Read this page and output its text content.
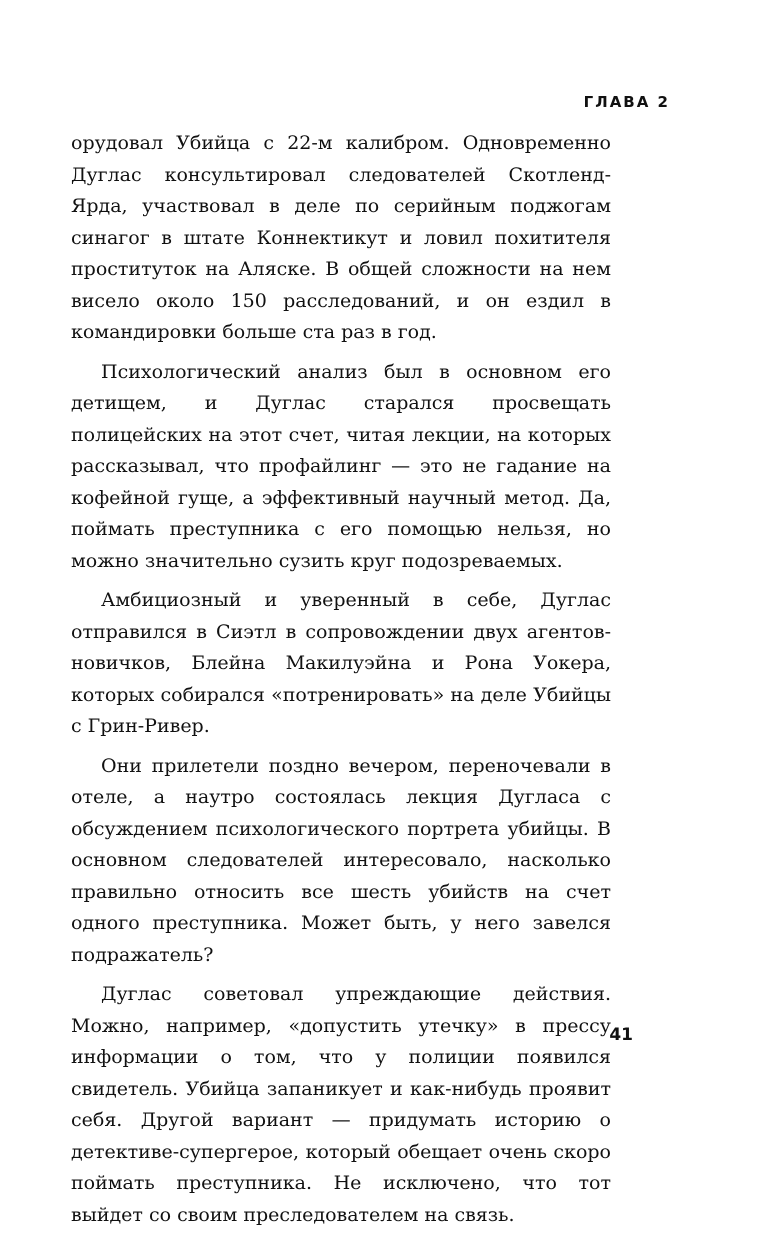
ГЛАВА 2

орудовал Убийца с 22-м калибром. Одновременно Дуглас консультировал следователей Скотленд-Ярда, участвовал в деле по серийным поджогам синагог в штате Коннектикут и ловил похитителя проституток на Аляске. В общей сложности на нем висело около 150 расследований, и он ездил в командировки больше ста раз в год.

Психологический анализ был в основном его детищем, и Дуглас старался просвещать полицейских на этот счет, читая лекции, на которых рассказывал, что профайлинг — это не гадание на кофейной гуще, а эффективный научный метод. Да, поймать преступника с его помощью нельзя, но можно значительно сузить круг подозреваемых.

Амбициозный и уверенный в себе, Дуглас отправился в Сиэтл в сопровождении двух агентов-новичков, Блейна Макилуэйна и Рона Уокера, которых собирался «потренировать» на деле Убийцы с Грин-Ривер.

Они прилетели поздно вечером, переночевали в отеле, а наутро состоялась лекция Дугласа с обсуждением психологического портрета убийцы. В основном следователей интересовало, насколько правильно относить все шесть убийств на счет одного преступника. Может быть, у него завелся подражатель?

Дуглас советовал упреждающие действия. Можно, например, «допустить утечку» в прессу информации о том, что у полиции появился свидетель. Убийца запаникует и как-нибудь проявит себя. Другой вариант — придумать историю о детективе-супергерое, который обещает очень скоро поймать преступника. Не исключено, что тот выйдет со своим преследователем на связь.

41
